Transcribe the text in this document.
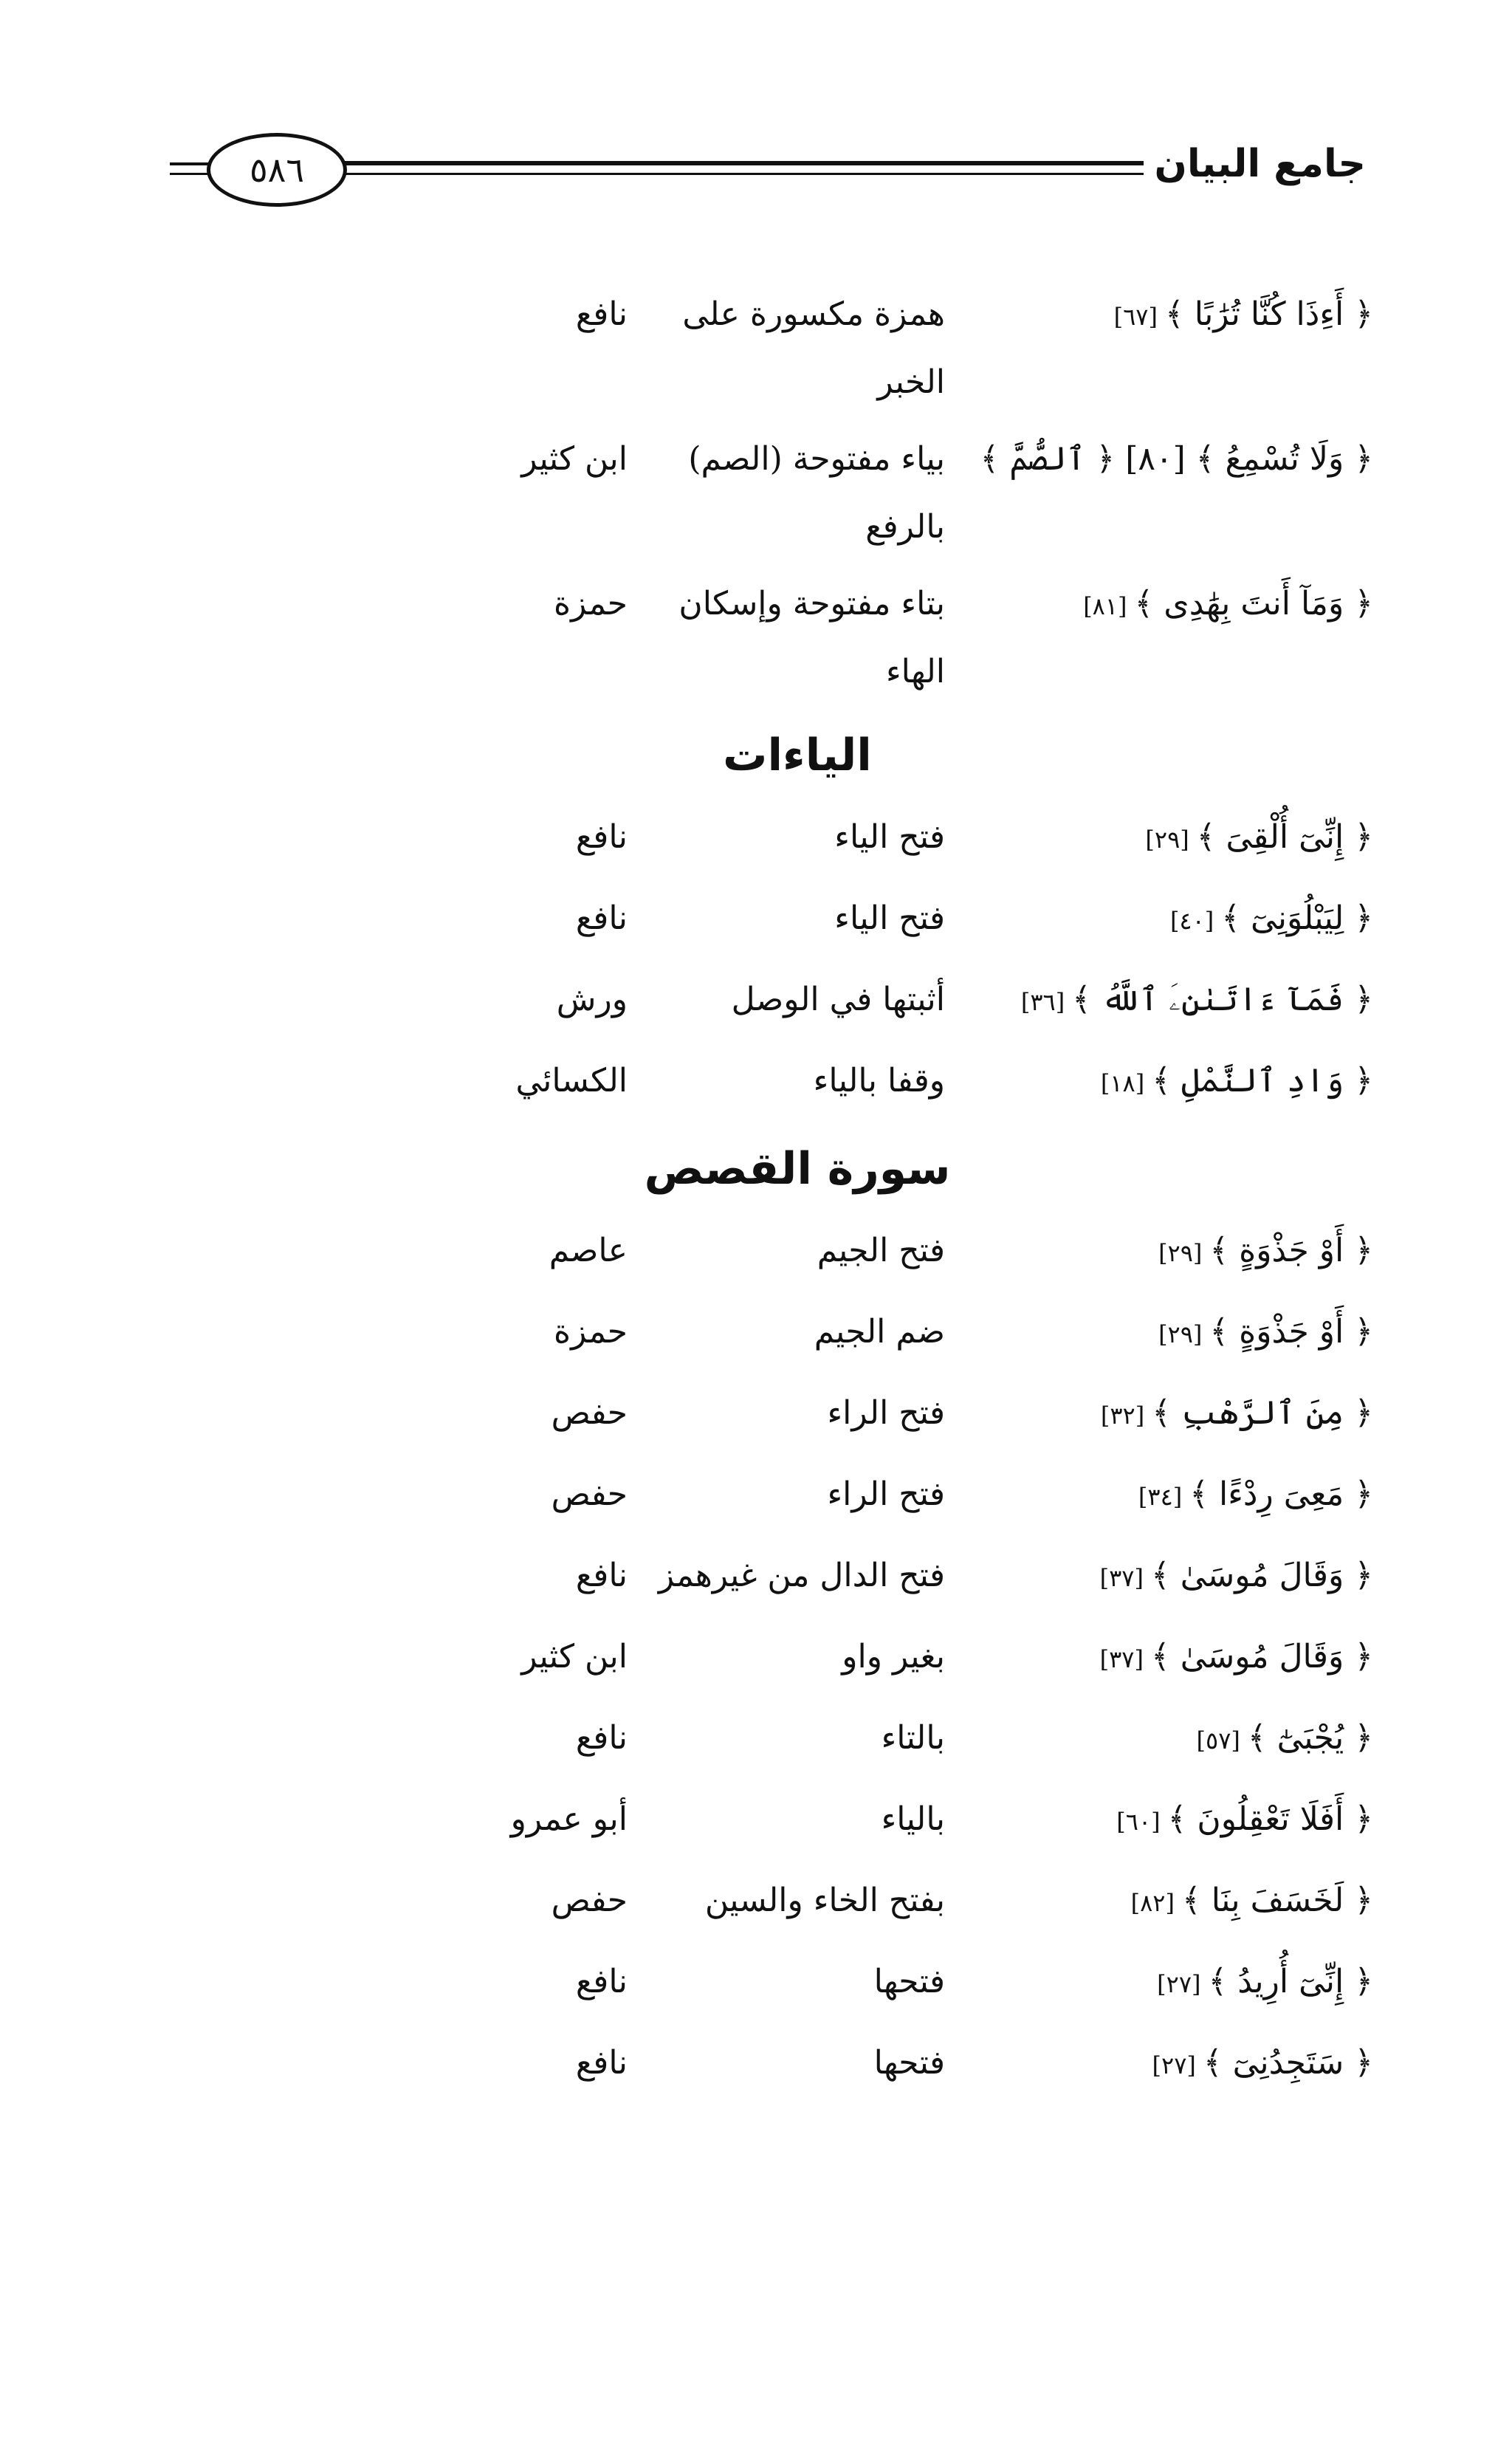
٥٨٦	جامع البيان
﴿ أَءِذَا كُنَّا تُرَٰبًا ﴾[٦٧]
همزة مكسورة على الخبر
نافع
﴿ وَلَا تُسْمِعُ ﴾ [٨٠] ﴿ ٱلصُّمَّ ﴾
بياء مفتوحة (الصم) بالرفع
ابن كثير
﴿ وَمَآ أَنتَ بِهَٰدِى ﴾[٨١]
بتاء مفتوحة وإسكان الهاء
حمزة
الياءات
﴿ إِنِّىٓ أُلْقِىَ ﴾[٢٩]
فتح الياء
نافع
﴿ لِيَبْلُوَنِىٓ ﴾[٤٠]
فتح الياء
نافع
﴿ فَمَآ ءَاتَىٰنِۦَ ٱللَّهُ ﴾[٣٦]
أثبتها في الوصل
ورش
﴿ وَادِ ٱلنَّمْلِ ﴾[١٨]
وقفا بالياء
الكسائي
سورة القصص
﴿ أَوْ جَذْوَةٍ ﴾[٢٩]
فتح الجيم
عاصم
﴿ أَوْ جَذْوَةٍ ﴾[٢٩]
ضم الجيم
حمزة
﴿ مِنَ ٱلرَّهْبِ ﴾[٣٢]
فتح الراء
حفص
﴿ مَعِىَ رِدْءًا ﴾[٣٤]
فتح الراء
حفص
﴿ وَقَالَ مُوسَىٰ ﴾[٣٧]
فتح الدال من غيرهمز
نافع
﴿ وَقَالَ مُوسَىٰ ﴾[٣٧]
بغير واو
ابن كثير
﴿ يُجْبَىٰٓ ﴾[٥٧]
بالتاء
نافع
﴿ أَفَلَا تَعْقِلُونَ ﴾[٦٠]
بالياء
أبو عمرو
﴿ لَخَسَفَ بِنَا ﴾[٨٢]
بفتح الخاء والسين
حفص
﴿ إِنِّىٓ أُرِيدُ ﴾[٢٧]
فتحها
نافع
﴿ سَتَجِدُنِىٓ ﴾[٢٧]
فتحها
نافع
